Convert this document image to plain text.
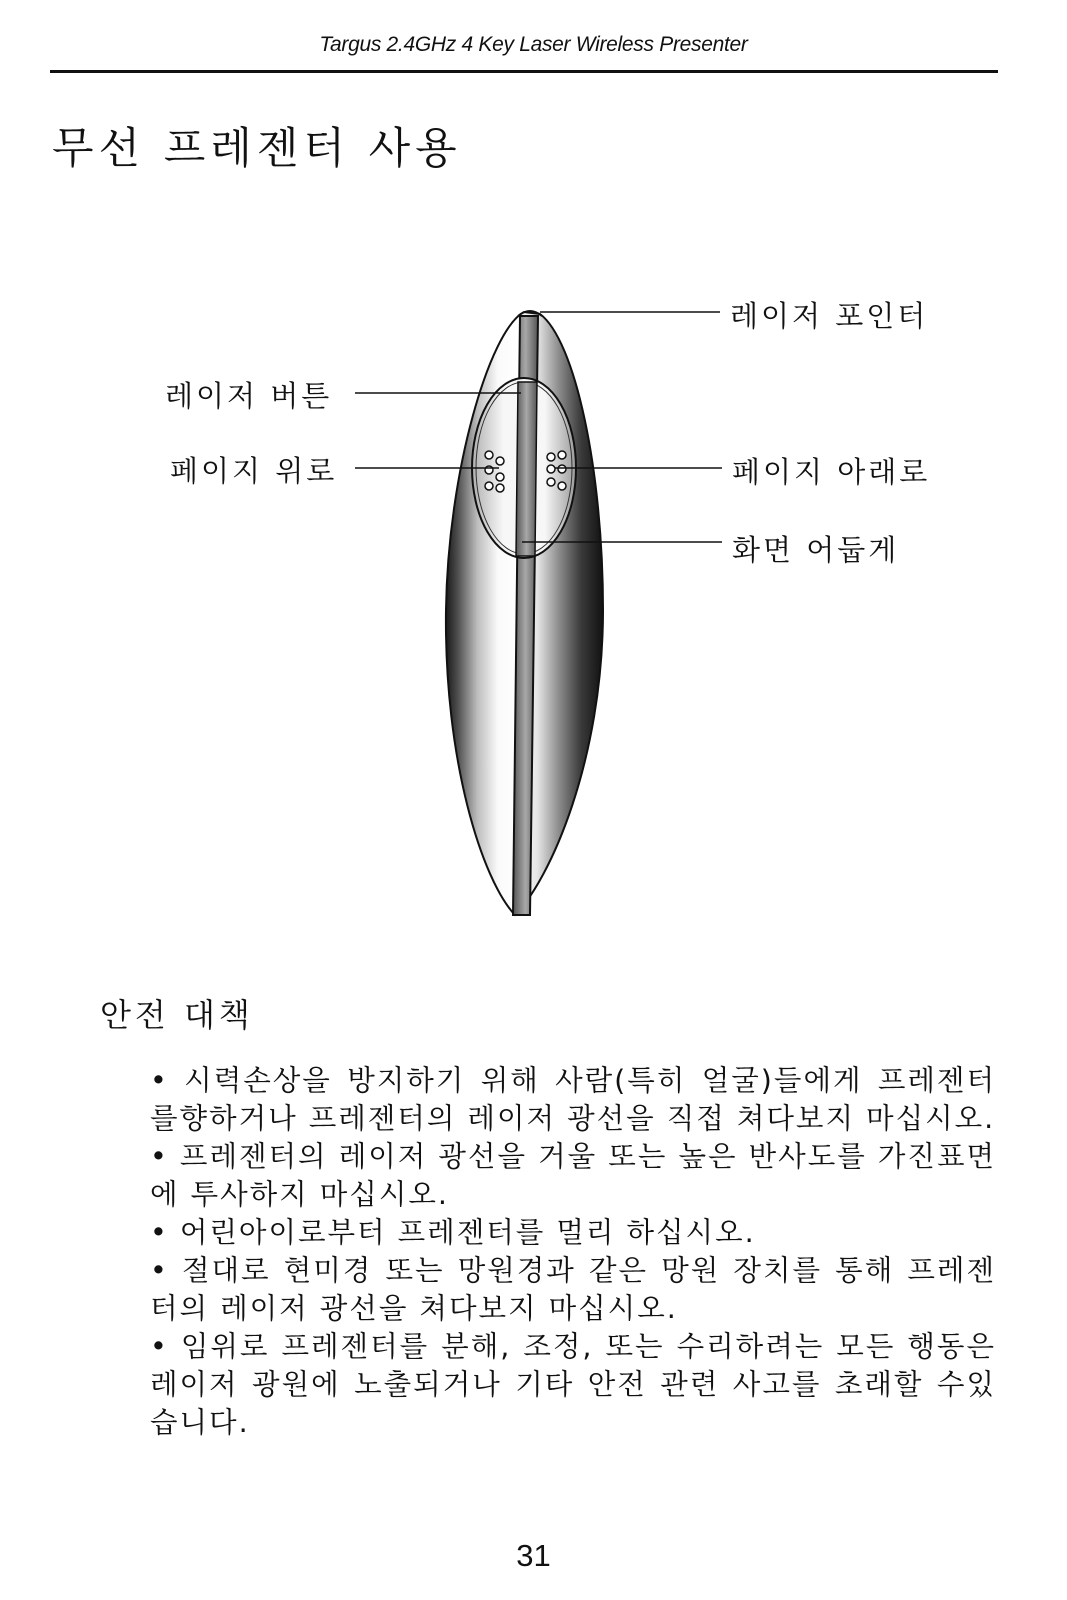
Targus 2.4GHz 4 Key Laser Wireless Presenter
무선 프레젠터 사용
레이저 포인터
레이저 버튼
페이지 위로	페이지 아래로
화면 어둡게
안전 대책
• 시력손상을 방지하기 위해 사람(특히 얼굴)들에게 프레젠터를향하거나 프레젠터의 레이저 광선을 직접 쳐다보지 마십시오.
• 프레젠터의 레이저 광선을 거울 또는 높은 반사도를 가진표면에 투사하지 마십시오.
• 어린아이로부터 프레젠터를 멀리 하십시오.
• 절대로 현미경 또는 망원경과 같은 망원 장치를 통해 프레젠터의 레이저 광선을 쳐다보지 마십시오.
• 임위로 프레젠터를 분해, 조정, 또는 수리하려는 모든 행동은레이저 광원에 노출되거나 기타 안전 관련 사고를 초래할 수있습니다.
31
